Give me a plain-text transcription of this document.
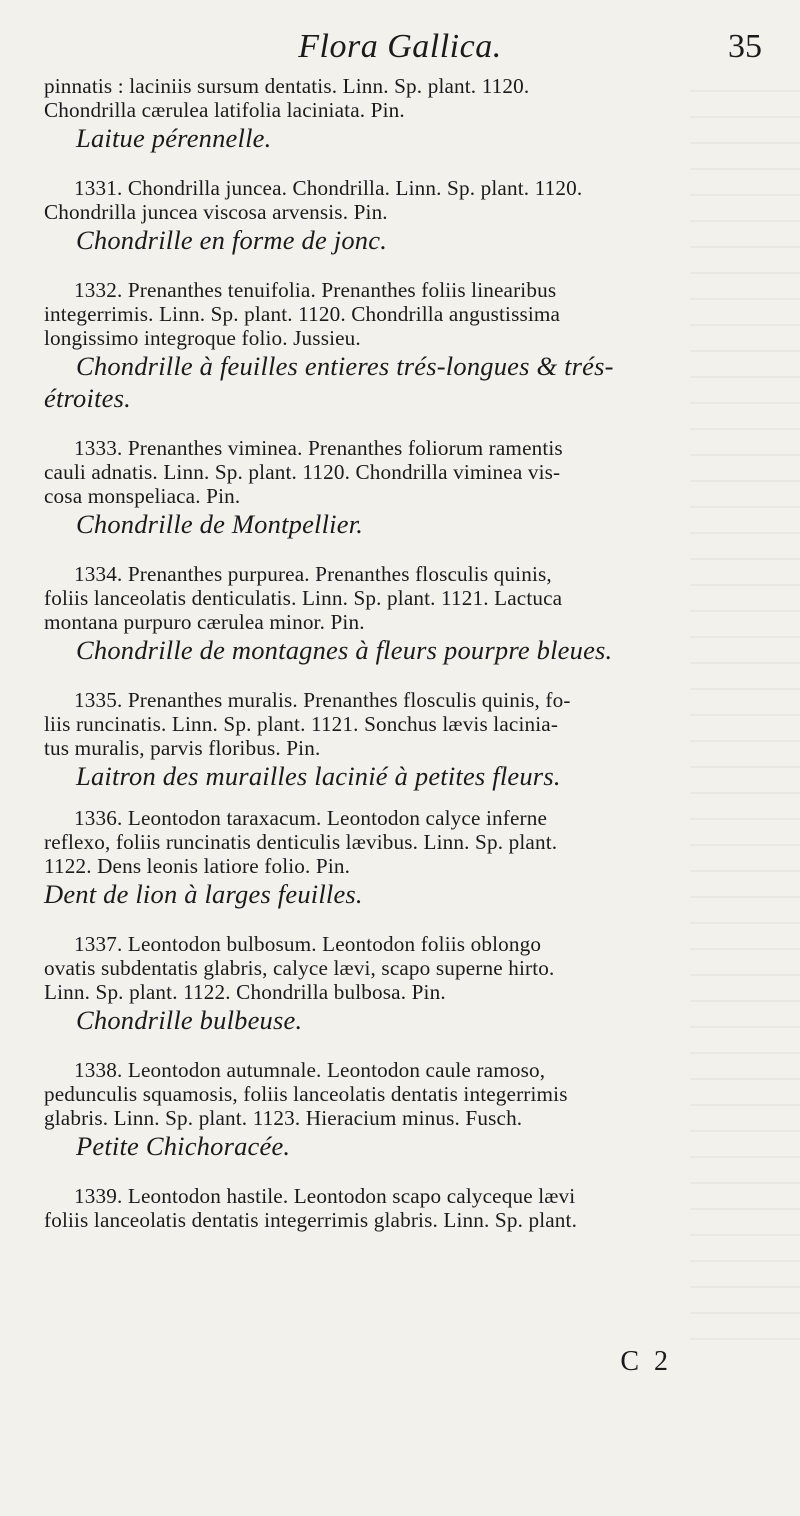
Flora Gallica.	35
pinnatis : laciniis sursum dentatis. Linn. Sp. plant. 1120.
Chondrilla cærulea latifolia laciniata. Pin.
Laitue pérennelle.
1331. Chondrilla juncea. Chondrilla. Linn. Sp. plant. 1120.
Chondrilla juncea viscosa arvensis. Pin.
Chondrille en forme de jonc.
1332. Prenanthes tenuifolia. Prenanthes foliis linearibus
integerrimis. Linn. Sp. plant. 1120. Chondrilla angustissima
longissimo integroque folio. Jussieu.
Chondrille à feuilles entieres trés-longues & trés-
étroites.
1333. Prenanthes viminea. Prenanthes foliorum ramentis
cauli adnatis. Linn. Sp. plant. 1120. Chondrilla viminea vis-
cosa monspeliaca. Pin.
Chondrille de Montpellier.
1334. Prenanthes purpurea. Prenanthes flosculis quinis,
foliis lanceolatis denticulatis. Linn. Sp. plant. 1121. Lactuca
montana purpuro cærulea minor. Pin.
Chondrille de montagnes à fleurs pourpre bleues.
1335. Prenanthes muralis. Prenanthes flosculis quinis, fo-
liis runcinatis. Linn. Sp. plant. 1121. Sonchus lævis lacinia-
tus muralis, parvis floribus. Pin.
Laitron des murailles lacinié à petites fleurs.
1336. Leontodon taraxacum. Leontodon calyce inferne
reflexo, foliis runcinatis denticulis lævibus. Linn. Sp. plant.
1122. Dens leonis latiore folio. Pin.
Dent de lion à larges feuilles.
1337. Leontodon bulbosum. Leontodon foliis oblongo
ovatis subdentatis glabris, calyce lævi, scapo superne hirto.
Linn. Sp. plant. 1122. Chondrilla bulbosa. Pin.
Chondrille bulbeuse.
1338. Leontodon autumnale. Leontodon caule ramoso,
pedunculis squamosis, foliis lanceolatis dentatis integerrimis
glabris. Linn. Sp. plant. 1123. Hieracium minus. Fusch.
Petite Chichoracée.
1339. Leontodon hastile. Leontodon scapo calyceque lævi
foliis lanceolatis dentatis integerrimis glabris. Linn. Sp. plant.
C 2
